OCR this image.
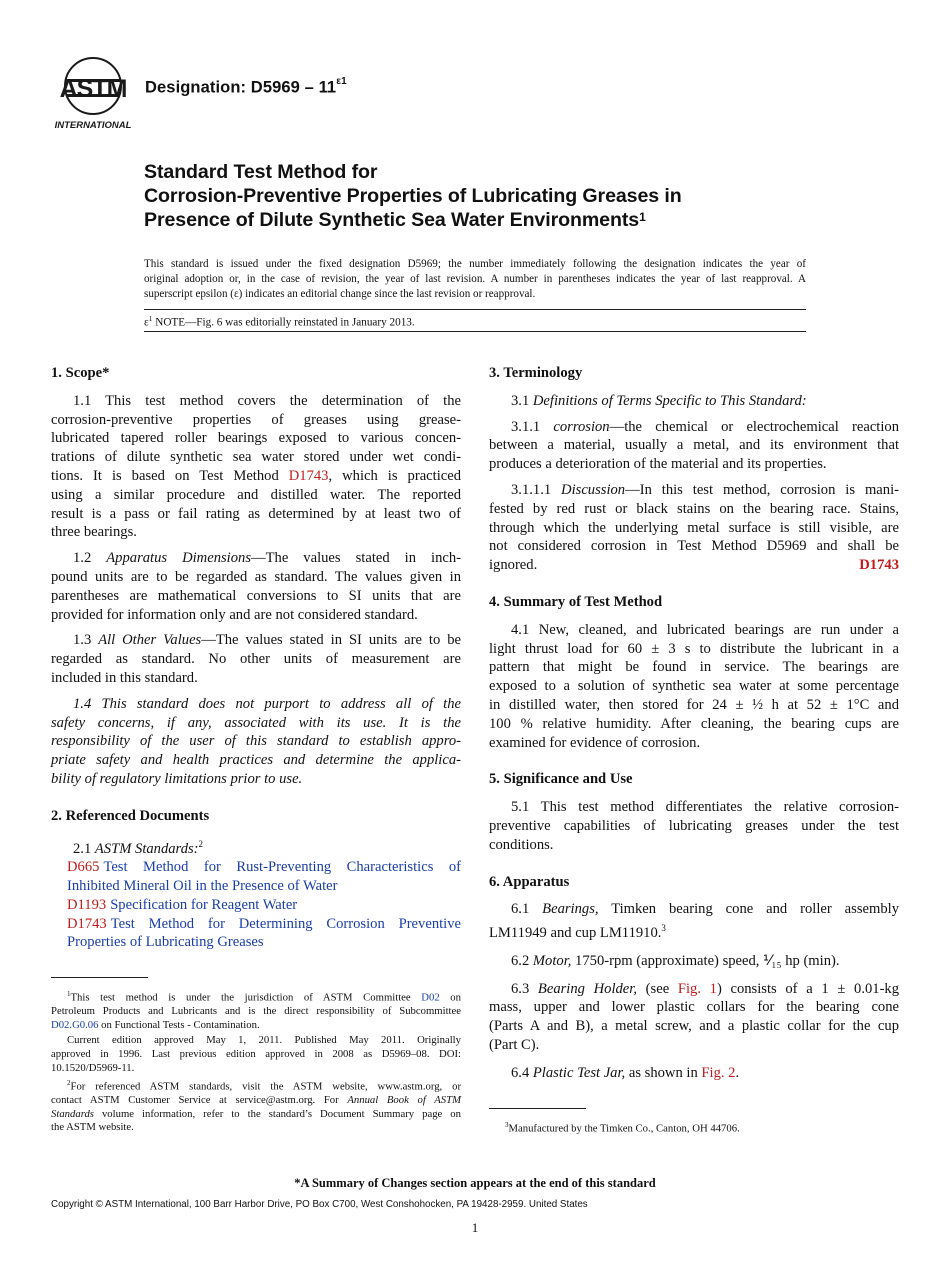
ASTM
INTERNATIONAL
Designation: $D5969 - 11^{\varepsilon 1}$
Standard Test Method for
Corrosion-Preventive Properties of Lubricating Greases in
Presence of Dilute Synthetic Sea Water Environments$^1$
This standard is issued under the fixed designation D5969; the number immediately following the designation indicates the year of
original adoption or, in the case of revision, the year of last revision. A number in parentheses indicates the year of last reapproval. A
superscript epsilon (ε) indicates an editorial change since the last revision or reapproval.
$\varepsilon^1$ NOTE—Fig. 6 was editorially reinstated in January 2013.
1. Scope*
1.1 This test method covers the determination of the
corrosion-preventive properties of greases using grease-
lubricated tapered roller bearings exposed to various concen-
trations of dilute synthetic sea water stored under wet condi-
tions. It is based on Test Method D1743, which is practiced
using a similar procedure and distilled water. The reported
result is a pass or fail rating as determined by at least two of
three bearings.
1.2 Apparatus Dimensions—The values stated in inch-
pound units are to be regarded as standard. The values given in
parentheses are mathematical conversions to SI units that are
provided for information only and are not considered standard.
1.3 All Other Values—The values stated in SI units are to be
regarded as standard. No other units of measurement are
included in this standard.
1.4 This standard does not purport to address all of the
safety concerns, if any, associated with its use. It is the
responsibility of the user of this standard to establish appro-
priate safety and health practices and determine the applica-
bility of regulatory limitations prior to use.
2. Referenced Documents
2.1 ASTM Standards:$^2$
D665 Test Method for Rust-Preventing Characteristics of
Inhibited Mineral Oil in the Presence of Water
D1193 Specification for Reagent Water
D1743 Test Method for Determining Corrosion Preventive
Properties of Lubricating Greases
3. Terminology
3.1 Definitions of Terms Specific to This Standard:
3.1.1 corrosion—the chemical or electrochemical reaction
between a material, usually a metal, and its environment that
produces a deterioration of the material and its properties.
3.1.1.1 Discussion—In this test method, corrosion is mani-
fested by red rust or black stains on the bearing race. Stains,
through which the underlying metal surface is still visible, are
not considered corrosion in Test Method D5969 and shall be
ignored.	D1743
4. Summary of Test Method
4.1 New, cleaned, and lubricated bearings are run under a
light thrust load for 60 ± 3 s to distribute the lubricant in a
pattern that might be found in service. The bearings are
exposed to a solution of synthetic sea water at some percentage
in distilled water, then stored for 24 ± ½ h at 52 ± 1°C and
100 % relative humidity. After cleaning, the bearing cups are
examined for evidence of corrosion.
5. Significance and Use
5.1 This test method differentiates the relative corrosion-
preventive capabilities of lubricating greases under the test
conditions.
6. Apparatus
6.1 Bearings, Timken bearing cone and roller assembly
LM11949 and cup LM11910.$^3$
6.2 Motor, 1750-rpm (approximate) speed, ⅟₁₅ hp (min).
6.3 Bearing Holder, (see Fig. 1) consists of a 1 ± 0.01-kg
mass, upper and lower plastic collars for the bearing cone
(Parts A and B), a metal screw, and a plastic collar for the cup
(Part C).
6.4 Plastic Test Jar, as shown in Fig. 2.
$^1$This test method is under the jurisdiction of ASTM Committee D02 on
Petroleum Products and Lubricants and is the direct responsibility of Subcommittee
D02.G0.06 on Functional Tests - Contamination.
Current edition approved May 1, 2011. Published May 2011. Originally
approved in 1996. Last previous edition approved in 2008 as D5969–08. DOI:
10.1520/D5969-11.
$^2$For referenced ASTM standards, visit the ASTM website, www.astm.org, or
contact ASTM Customer Service at service@astm.org. For Annual Book of ASTM
Standards volume information, refer to the standard’s Document Summary page on
the ASTM website.	$^3$Manufactured by the Timken Co., Canton, OH 44706.
*A Summary of Changes section appears at the end of this standard
Copyright © ASTM International, 100 Barr Harbor Drive, PO Box C700, West Conshohocken, PA 19428-2959. United States
1
